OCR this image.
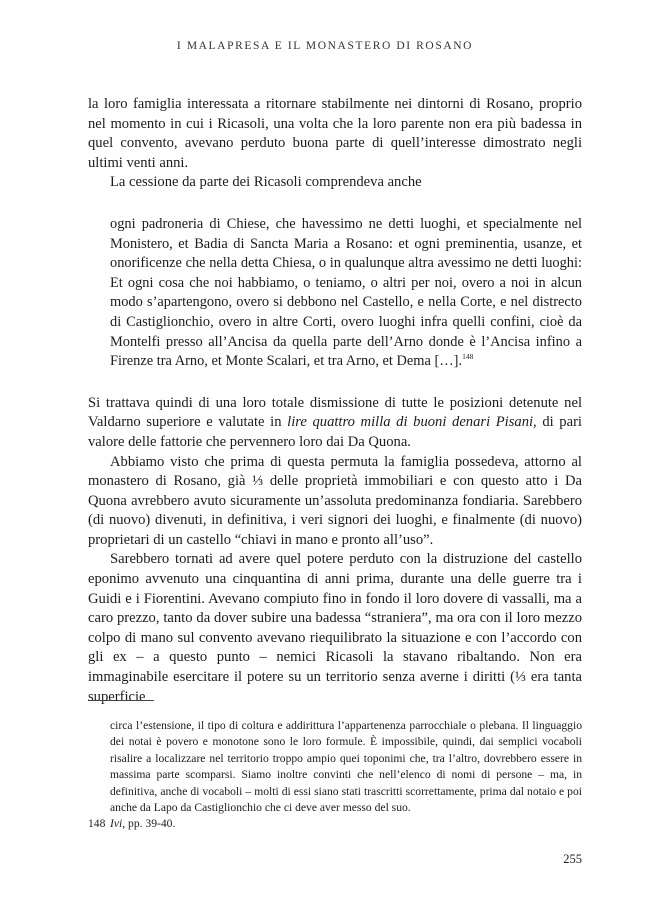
I MALAPRESA E IL MONASTERO DI ROSANO

la loro famiglia interessata a ritornare stabilmente nei dintorni di Rosano, proprio nel momento in cui i Ricasoli, una volta che la loro parente non era più badessa in quel convento, avevano perduto buona parte di quell’interesse dimostrato negli ultimi venti anni.

La cessione da parte dei Ricasoli comprendeva anche

ogni padroneria di Chiese, che havessimo ne detti luoghi, et specialmente nel Monistero, et Badia di Sancta Maria a Rosano: et ogni preminentia, usanze, et onorificenze che nella detta Chiesa, o in qualunque altra avessimo ne detti luoghi: Et ogni cosa che noi habbiamo, o teniamo, o altri per noi, overo a noi in alcun modo s’apartengono, overo si debbono nel Castello, e nella Corte, e nel distrecto di Castiglionchio, overo in altre Corti, overo luoghi infra quelli confini, cioè da Montelfi presso all’Ancisa da quella parte dell’Arno donde è l’Ancisa infino a Firenze tra Arno, et Monte Scalari, et tra Arno, et Dema […].$^{148}$

Si trattava quindi di una loro totale dismissione di tutte le posizioni detenute nel Valdarno superiore e valutate in lire quattro milla di buoni denari Pisani, di pari valore delle fattorie che pervennero loro dai Da Quona.

Abbiamo visto che prima di questa permuta la famiglia possedeva, attorno al monastero di Rosano, già ⅓ delle proprietà immobiliari e con questo atto i Da Quona avrebbero avuto sicuramente un’assoluta predominanza fondiaria. Sarebbero (di nuovo) divenuti, in definitiva, i veri signori dei luoghi, e finalmente (di nuovo) proprietari di un castello “chiavi in mano e pronto all’uso”.

Sarebbero tornati ad avere quel potere perduto con la distruzione del castello eponimo avvenuto una cinquantina di anni prima, durante una delle guerre tra i Guidi e i Fiorentini. Avevano compiuto fino in fondo il loro dovere di vassalli, ma a caro prezzo, tanto da dover subire una badessa “straniera”, ma ora con il loro mezzo colpo di mano sul convento avevano riequilibrato la situazione e con l’accordo con gli ex – a questo punto – nemici Ricasoli la stavano ribaltando. Non era immaginabile esercitare il potere su un territorio senza averne i diritti (⅓ era tanta superficie

circa l’estensione, il tipo di coltura e addirittura l’appartenenza parrocchiale o plebana. Il linguaggio dei notai è povero e monotone sono le loro formule. È impossibile, quindi, dai semplici vocaboli risalire a localizzare nel territorio troppo ampio quei toponimi che, tra l’altro, dovrebbero essere in massima parte scomparsi. Siamo inoltre convinti che nell’elenco di nomi di persone – ma, in definitiva, anche di vocaboli – molti di essi siano stati trascritti scorrettamente, prima dal notaio e poi anche da Lapo da Castiglionchio che ci deve aver messo del suo.

148 Ivi, pp. 39-40.

255
